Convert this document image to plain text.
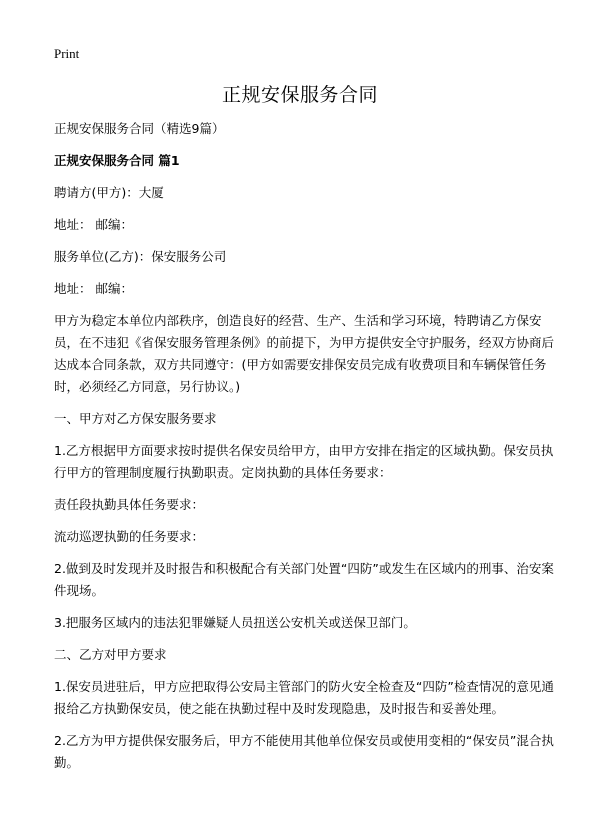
Print
正规安保服务合同

正规安保服务合同（精选9篇）

正规安保服务合同 篇1

聘请方(甲方)：大厦

地址： 邮编：

服务单位(乙方)：保安服务公司

地址： 邮编：

甲方为稳定本单位内部秩序，创造良好的经营、生产、生活和学习环境，特聘请乙方保安员，在不违犯《省保安服务管理条例》的前提下，为甲方提供安全守护服务，经双方协商后达成本合同条款，双方共同遵守：(甲方如需要安排保安员完成有收费项目和车辆保管任务时，必须经乙方同意，另行协议。)

一、甲方对乙方保安服务要求

1.乙方根据甲方面要求按时提供名保安员给甲方，由甲方安排在指定的区域执勤。保安员执行甲方的管理制度履行执勤职责。定岗执勤的具体任务要求：

责任段执勤具体任务要求：

流动巡逻执勤的任务要求：

2.做到及时发现并及时报告和积极配合有关部门处置“四防”或发生在区域内的刑事、治安案件现场。

3.把服务区域内的违法犯罪嫌疑人员扭送公安机关或送保卫部门。

二、乙方对甲方要求

1.保安员进驻后，甲方应把取得公安局主管部门的防火安全检查及“四防”检查情况的意见通报给乙方执勤保安员，使之能在执勤过程中及时发现隐患，及时报告和妥善处理。

2.乙方为甲方提供保安服务后，甲方不能使用其他单位保安员或使用变相的“保安员”混合执勤。
